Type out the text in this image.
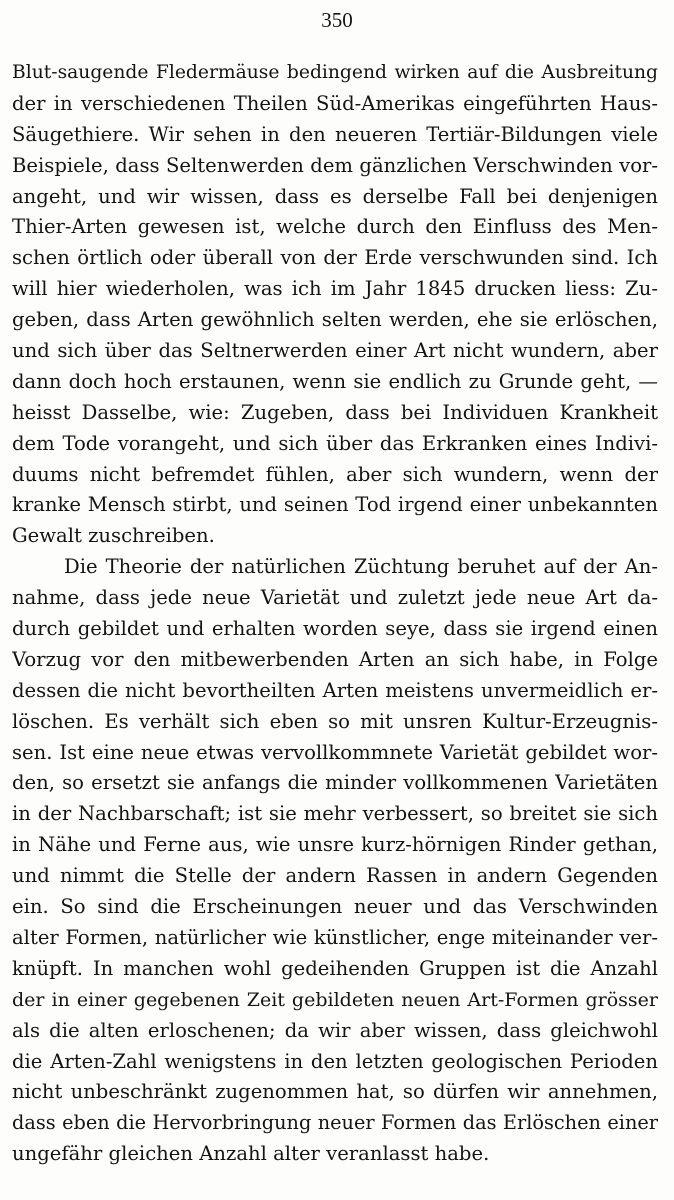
350
Blut-saugende Fledermäuse bedingend wirken auf die Ausbreitung
der in verschiedenen Theilen Süd-Amerikas eingeführten Haus-
Säugethiere. Wir sehen in den neueren Tertiär-Bildungen viele
Beispiele, dass Seltenwerden dem gänzlichen Verschwinden vor-
angeht, und wir wissen, dass es derselbe Fall bei denjenigen
Thier-Arten gewesen ist, welche durch den Einfluss des Men-
schen örtlich oder überall von der Erde verschwunden sind. Ich
will hier wiederholen, was ich im Jahr 1845 drucken liess: Zu-
geben, dass Arten gewöhnlich selten werden, ehe sie erlöschen,
und sich über das Seltnerwerden einer Art nicht wundern, aber
dann doch hoch erstaunen, wenn sie endlich zu Grunde geht, —
heisst Dasselbe, wie: Zugeben, dass bei Individuen Krankheit
dem Tode vorangeht, und sich über das Erkranken eines Indivi-
duums nicht befremdet fühlen, aber sich wundern, wenn der
kranke Mensch stirbt, und seinen Tod irgend einer unbekannten
Gewalt zuschreiben.
Die Theorie der natürlichen Züchtung beruhet auf der An-
nahme, dass jede neue Varietät und zuletzt jede neue Art da-
durch gebildet und erhalten worden seye, dass sie irgend einen
Vorzug vor den mitbewerbenden Arten an sich habe, in Folge
dessen die nicht bevortheilten Arten meistens unvermeidlich er-
löschen. Es verhält sich eben so mit unsren Kultur-Erzeugnis-
sen. Ist eine neue etwas vervollkommnete Varietät gebildet wor-
den, so ersetzt sie anfangs die minder vollkommenen Varietäten
in der Nachbarschaft; ist sie mehr verbessert, so breitet sie sich
in Nähe und Ferne aus, wie unsre kurz-hörnigen Rinder gethan,
und nimmt die Stelle der andern Rassen in andern Gegenden
ein. So sind die Erscheinungen neuer und das Verschwinden
alter Formen, natürlicher wie künstlicher, enge miteinander ver-
knüpft. In manchen wohl gedeihenden Gruppen ist die Anzahl
der in einer gegebenen Zeit gebildeten neuen Art-Formen grösser
als die alten erloschenen; da wir aber wissen, dass gleichwohl
die Arten-Zahl wenigstens in den letzten geologischen Perioden
nicht unbeschränkt zugenommen hat, so dürfen wir annehmen,
dass eben die Hervorbringung neuer Formen das Erlöschen einer
ungefähr gleichen Anzahl alter veranlasst habe.
